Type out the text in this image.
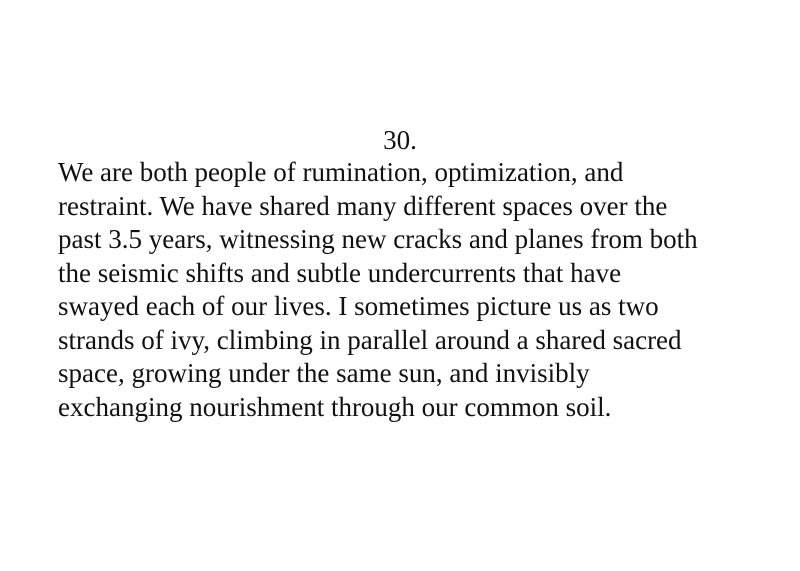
30.

We are both people of rumination, optimization, and
restraint. We have shared many different spaces over the
past 3.5 years, witnessing new cracks and planes from both
the seismic shifts and subtle undercurrents that have
swayed each of our lives. I sometimes picture us as two
strands of ivy, climbing in parallel around a shared sacred
space, growing under the same sun, and invisibly
exchanging nourishment through our common soil.
